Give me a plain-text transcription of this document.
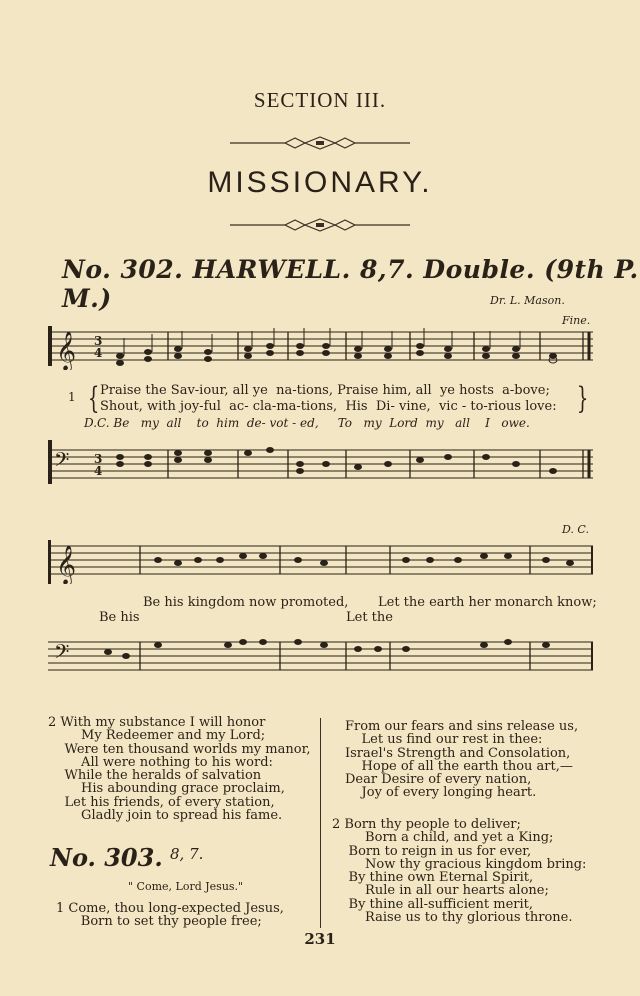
SECTION III.
MISSIONARY.
No. 302. HARWELL. 8,7. Double. (9th P. M.)	Dr. L. Mason.
Fine.
𝄞 3
4
1 { Praise the Sav-iour, all ye  na-tions, Praise him, all  ye hosts  a-bove;
Shout, with joy-ful  ac- cla-ma-tions,  His  Di- vine,  vic - to-rious love: }
D.C. Be   my  all    to  him  de- vot - ed,     To   my  Lord  my   all    I   owe.
𝄢 3
4
𝄞
D. C.
Be his kingdom now promoted, Let the earth her monarch know;
Be his	Let the
𝄢
2 With my substance I will honor
My Redeemer and my Lord;
Were ten thousand worlds my manor,
All were nothing to his word:
While the heralds of salvation
His abounding grace proclaim,
Let his friends, of every station,
Gladly join to spread his fame.
From our fears and sins release us,
Let us find our rest in thee:
Israel's Strength and Consolation,
Hope of all the earth thou art,—
Dear Desire of every nation,
Joy of every longing heart.
2 Born thy people to deliver;
Born a child, and yet a King;
Born to reign in us for ever,
Now thy gracious kingdom bring:
By thine own Eternal Spirit,
Rule in all our hearts alone;
By thine all-sufficient merit,
Raise us to thy glorious throne.
No. 303. 8, 7.
" Come, Lord Jesus."
1 Come, thou long-expected Jesus,
Born to set thy people free;
231
